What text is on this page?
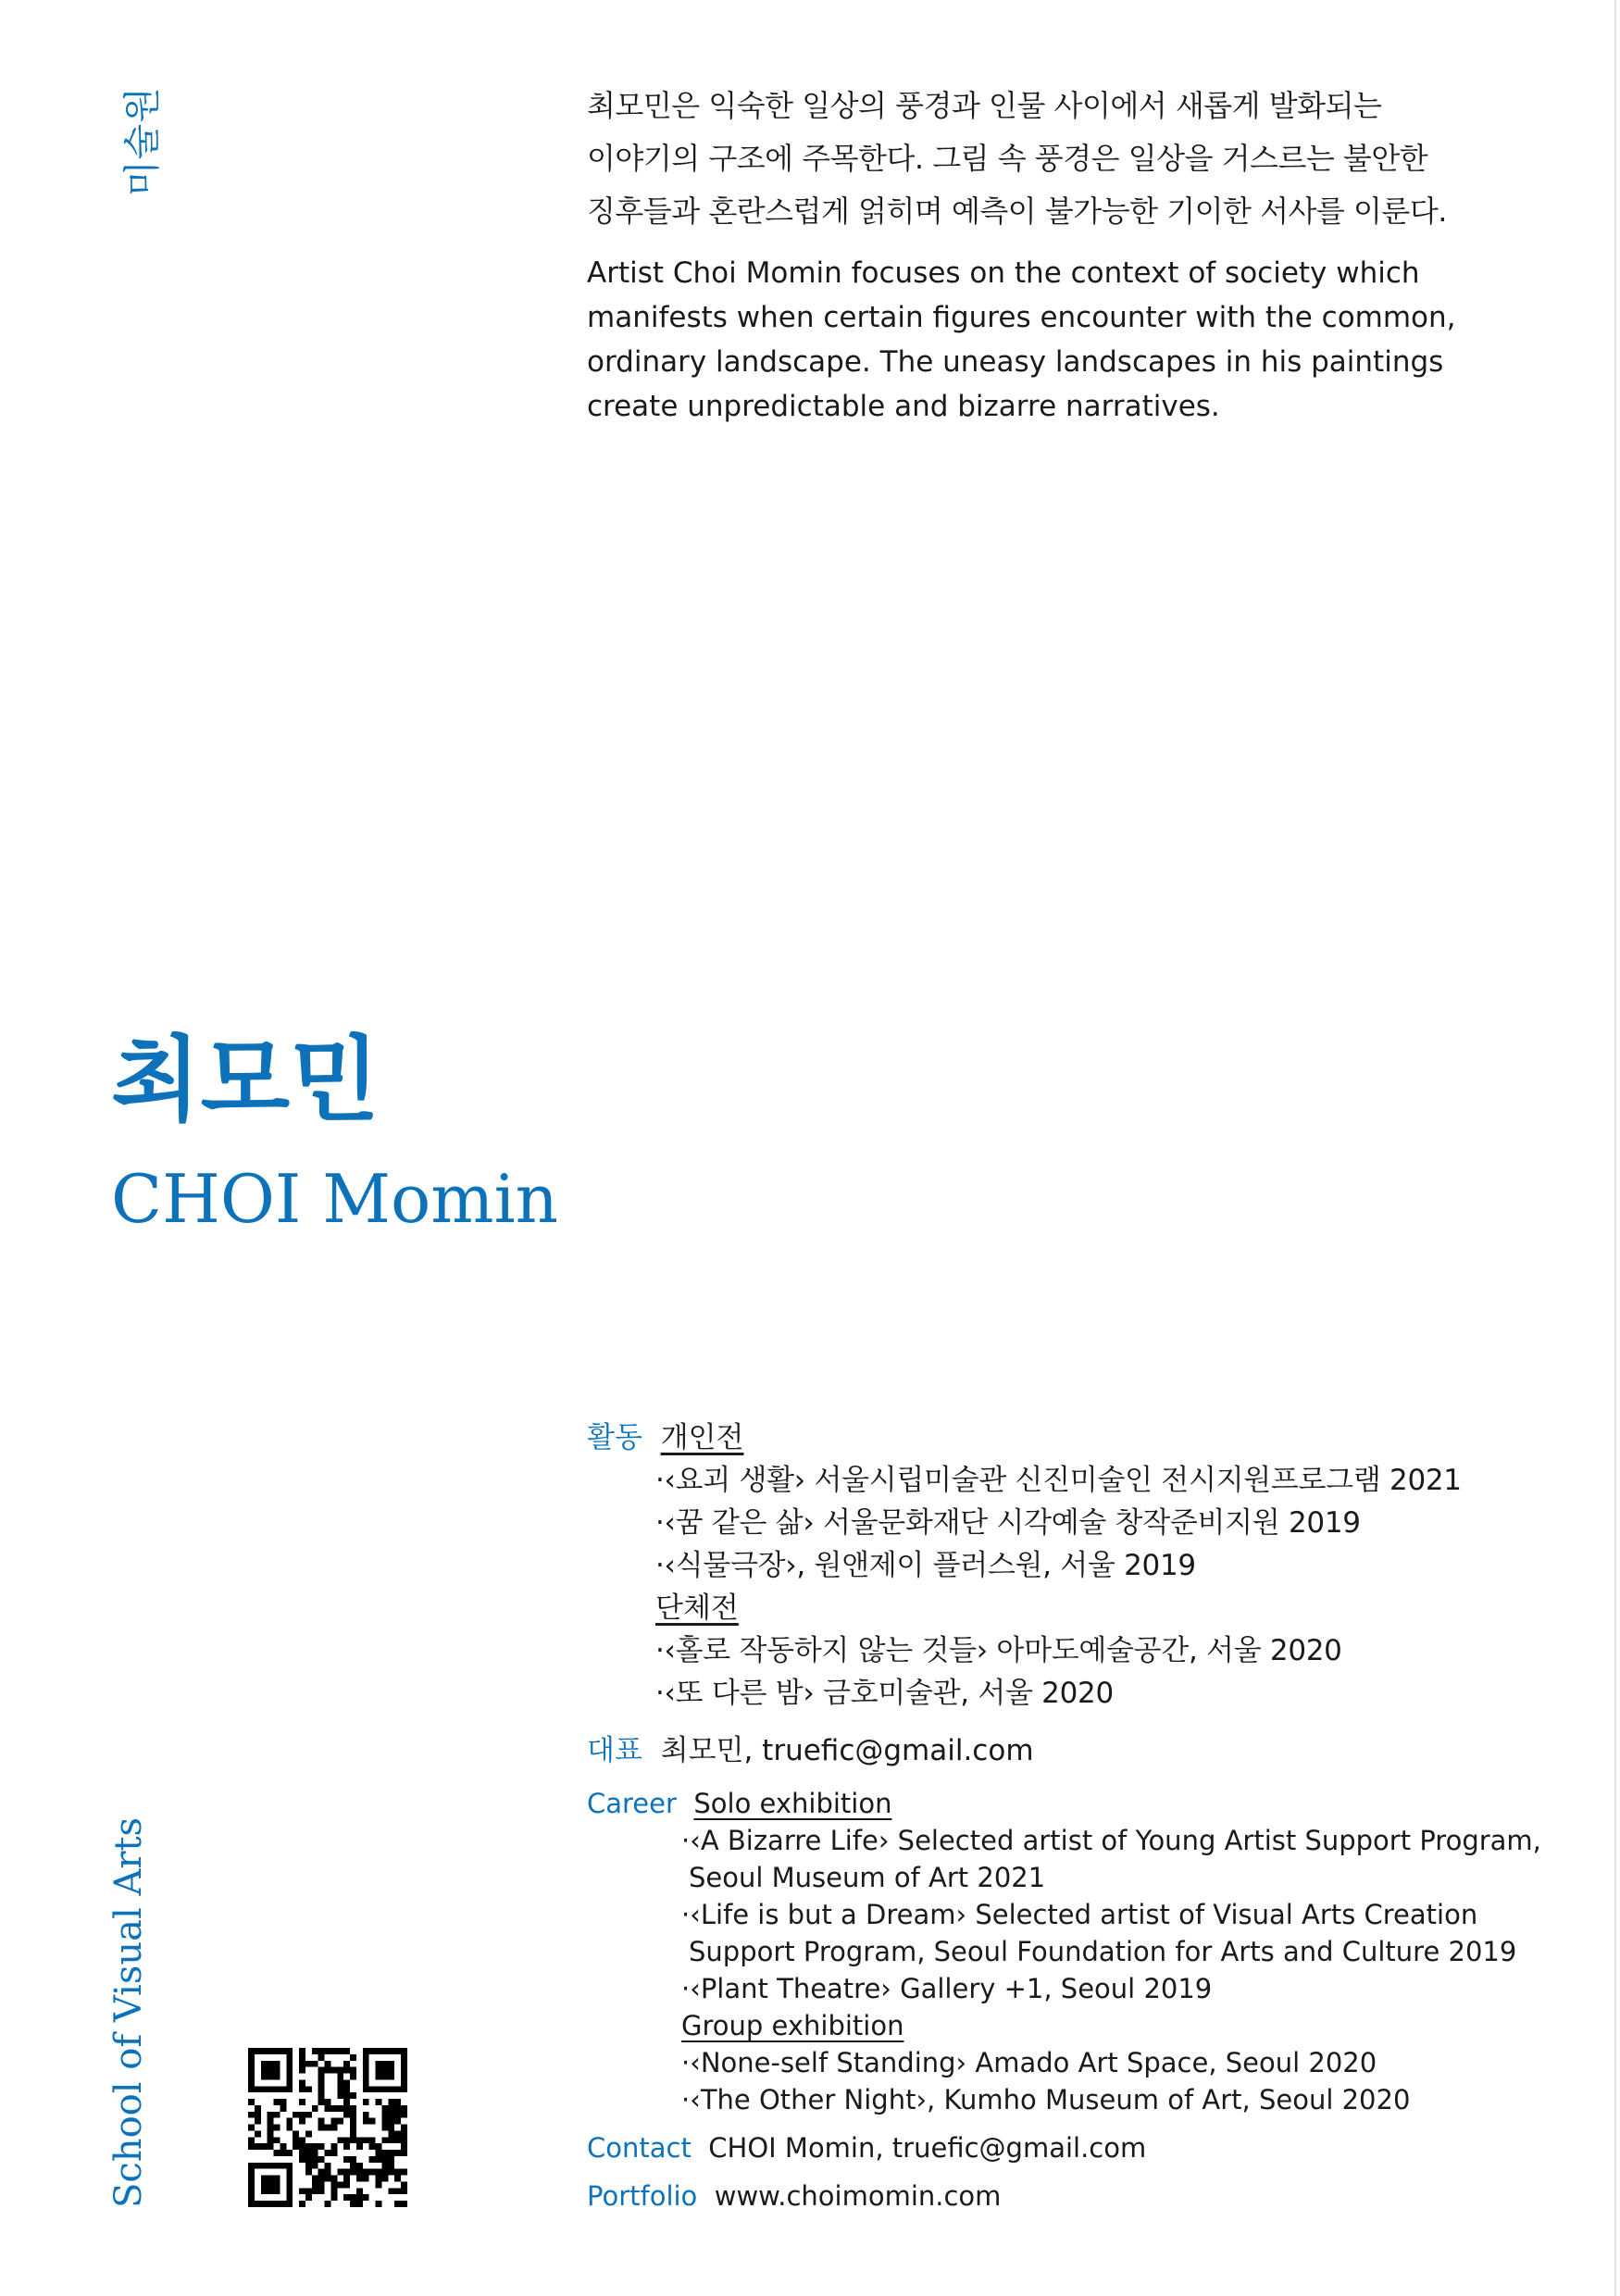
미술원
School of Visual Arts

최모민은 익숙한 일상의 풍경과 인물 사이에서 새롭게 발화되는

이야기의 구조에 주목한다. 그림 속 풍경은 일상을 거스르는 불안한

징후들과 혼란스럽게 얽히며 예측이 불가능한 기이한 서사를 이룬다.

Artist Choi Momin focuses on the context of society which

manifests when certain figures encounter with the common,

ordinary landscape. The uneasy landscapes in his paintings

create unpredictable and bizarre narratives.

최모민
CHOI Momin
활동 개인전
·‹요괴 생활› 서울시립미술관 신진미술인 전시지원프로그램 2021
·‹꿈 같은 삶› 서울문화재단 시각예술 창작준비지원 2019
·‹식물극장›, 원앤제이 플러스원, 서울 2019
단체전
·‹홀로 작동하지 않는 것들› 아마도예술공간, 서울 2020
·‹또 다른 밤› 금호미술관, 서울 2020
대표 최모민, truefic@gmail.com
Career Solo exhibition
·‹A Bizarre Life› Selected artist of Young Artist Support Program,
Seoul Museum of Art 2021
·‹Life is but a Dream› Selected artist of Visual Arts Creation
Support Program, Seoul Foundation for Arts and Culture 2019
·‹Plant Theatre› Gallery +1, Seoul 2019
Group exhibition
·‹None-self Standing› Amado Art Space, Seoul 2020
·‹The Other Night›, Kumho Museum of Art, Seoul 2020
Contact CHOI Momin, truefic@gmail.com
Portfolio www.choimomin.com
